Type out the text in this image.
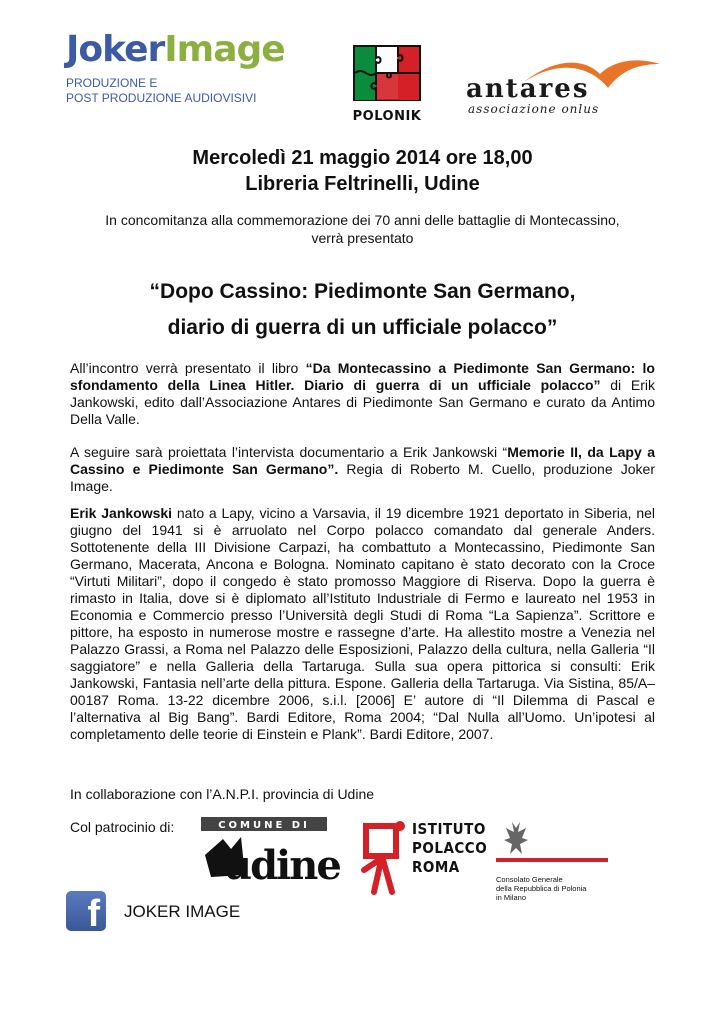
JokerImage
PRODUZIONE E
POST PRODUZIONE AUDIOVISIVI
POLONIK
antares
associazione onlus
Mercoledì 21 maggio 2014 ore 18,00
Libreria Feltrinelli, Udine
In concomitanza alla commemorazione dei 70 anni delle battaglie di Montecassino,
verrà presentato
“Dopo Cassino: Piedimonte San Germano,
diario di guerra di un ufficiale polacco”
All’incontro verrà presentato il libro “Da Montecassino a Piedimonte San Germano: lo sfondamento della Linea Hitler. Diario di guerra di un ufficiale polacco” di Erik Jankowski, edito dall’Associazione Antares di Piedimonte San Germano e curato da Antimo Della Valle.
A seguire sarà proiettata l’intervista documentario a Erik Jankowski “Memorie II, da Lapy a Cassino e Piedimonte San Germano”. Regia di Roberto M. Cuello, produzione Joker Image.
Erik Jankowski nato a Lapy, vicino a Varsavia, il 19 dicembre 1921 deportato in Siberia, nel giugno del 1941 si è arruolato nel Corpo polacco comandato dal generale Anders. Sottotenente della III Divisione Carpazi, ha combattuto a Montecassino, Piedimonte San Germano, Macerata, Ancona e Bologna. Nominato capitano è stato decorato con la Croce “Virtuti Militari”, dopo il congedo è stato promosso Maggiore di Riserva. Dopo la guerra è rimasto in Italia, dove si è diplomato all’Istituto Industriale di Fermo e laureato nel 1953 in Economia e Commercio presso l’Università degli Studi di Roma “La Sapienza”. Scrittore e pittore, ha esposto in numerose mostre e rassegne d’arte. Ha allestito mostre a Venezia nel Palazzo Grassi, a Roma nel Palazzo delle Esposizioni, Palazzo della cultura, nella Galleria “Il saggiatore” e nella Galleria della Tartaruga. Sulla sua opera pittorica si consulti: Erik Jankowski, Fantasia nell’arte della pittura. Espone. Galleria della Tartaruga. Via Sistina, 85/A– 00187 Roma. 13-22 dicembre 2006, s.i.l. [2006] E’ autore di “Il Dilemma di Pascal e l’alternativa al Big Bang”. Bardi Editore, Roma 2004; “Dal Nulla all’Uomo. Un’ipotesi al completamento delle teorie di Einstein e Plank”. Bardi Editore, 2007.
In collaborazione con l’A.N.P.I. provincia di Udine
Col patrocinio di:	COMUNE DI
udine
ISTITUTO
POLACCO
ROMA
Consolato Generale
della Repubblica di Polonia
in Milano
f JOKER IMAGE
